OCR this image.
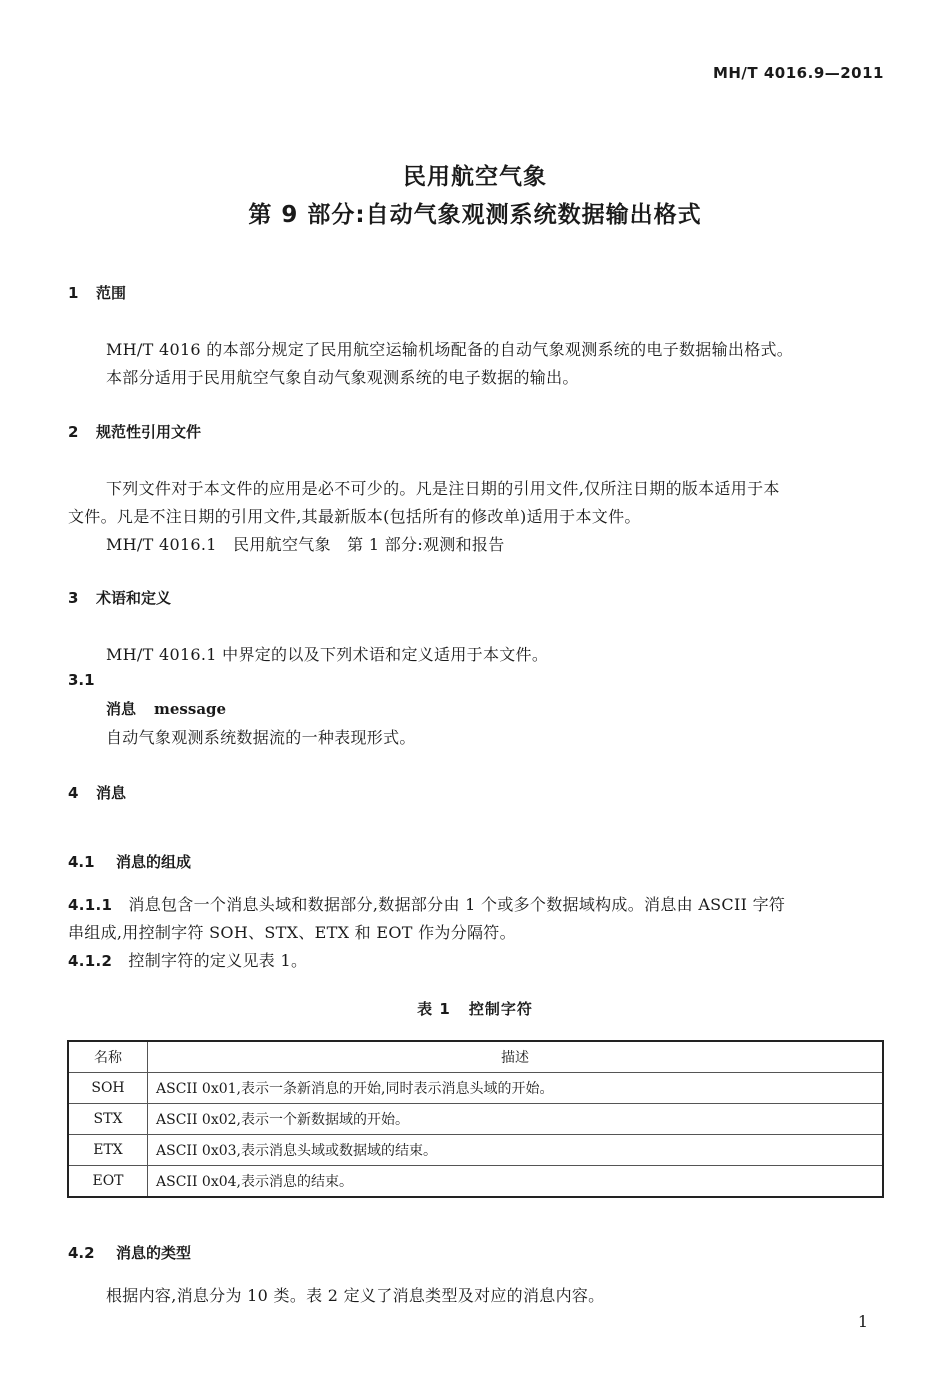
MH/T 4016.9—2011
民用航空气象
第 9 部分:自动气象观测系统数据输出格式
1 范围
MH/T 4016 的本部分规定了民用航空运输机场配备的自动气象观测系统的电子数据输出格式。
本部分适用于民用航空气象自动气象观测系统的电子数据的输出。
2 规范性引用文件
下列文件对于本文件的应用是必不可少的。凡是注日期的引用文件,仅所注日期的版本适用于本
文件。凡是不注日期的引用文件,其最新版本(包括所有的修改单)适用于本文件。
MH/T 4016.1　民用航空气象　第 1 部分:观测和报告
3 术语和定义
MH/T 4016.1 中界定的以及下列术语和定义适用于本文件。
3.1
消息 message
自动气象观测系统数据流的一种表现形式。
4 消息
4.1 消息的组成
4.1.1 消息包含一个消息头域和数据部分,数据部分由 1 个或多个数据域构成。消息由 ASCII 字符
串组成,用控制字符 SOH、STX、ETX 和 EOT 作为分隔符。
4.1.2 控制字符的定义见表 1。
表 1 控制字符
名称	描述
SOH	ASCII 0x01,表示一条新消息的开始,同时表示消息头域的开始。
STX	ASCII 0x02,表示一个新数据域的开始。
ETX	ASCII 0x03,表示消息头域或数据域的结束。
EOT	ASCII 0x04,表示消息的结束。
4.2 消息的类型
根据内容,消息分为 10 类。表 2 定义了消息类型及对应的消息内容。
1
